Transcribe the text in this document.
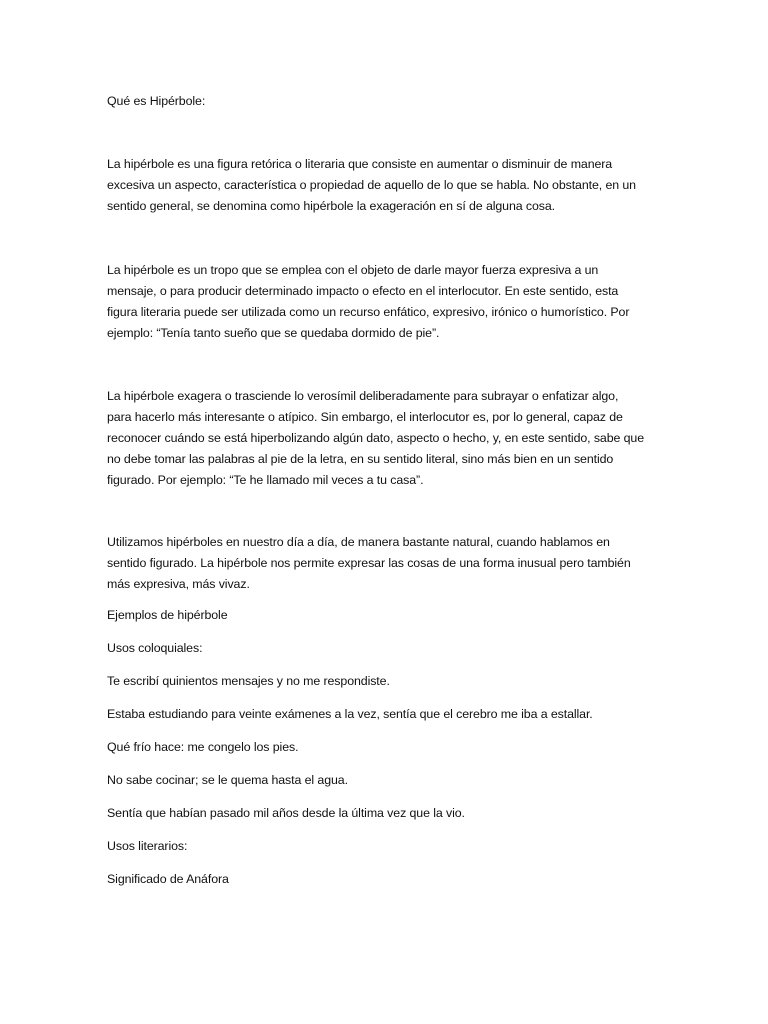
Qué es Hipérbole:

La hipérbole es una figura retórica o literaria que consiste en aumentar o disminuir de manera
excesiva un aspecto, característica o propiedad de aquello de lo que se habla. No obstante, en un
sentido general, se denomina como hipérbole la exageración en sí de alguna cosa.

La hipérbole es un tropo que se emplea con el objeto de darle mayor fuerza expresiva a un
mensaje, o para producir determinado impacto o efecto en el interlocutor. En este sentido, esta
figura literaria puede ser utilizada como un recurso enfático, expresivo, irónico o humorístico. Por
ejemplo: “Tenía tanto sueño que se quedaba dormido de pie”.

La hipérbole exagera o trasciende lo verosímil deliberadamente para subrayar o enfatizar algo,
para hacerlo más interesante o atípico. Sin embargo, el interlocutor es, por lo general, capaz de
reconocer cuándo se está hiperbolizando algún dato, aspecto o hecho, y, en este sentido, sabe que
no debe tomar las palabras al pie de la letra, en su sentido literal, sino más bien en un sentido
figurado. Por ejemplo: “Te he llamado mil veces a tu casa”.

Utilizamos hipérboles en nuestro día a día, de manera bastante natural, cuando hablamos en
sentido figurado. La hipérbole nos permite expresar las cosas de una forma inusual pero también
más expresiva, más vivaz.

Ejemplos de hipérbole

Usos coloquiales:

Te escribí quinientos mensajes y no me respondiste.

Estaba estudiando para veinte exámenes a la vez, sentía que el cerebro me iba a estallar.

Qué frío hace: me congelo los pies.

No sabe cocinar; se le quema hasta el agua.

Sentía que habían pasado mil años desde la última vez que la vio.

Usos literarios:

Significado de Anáfora
